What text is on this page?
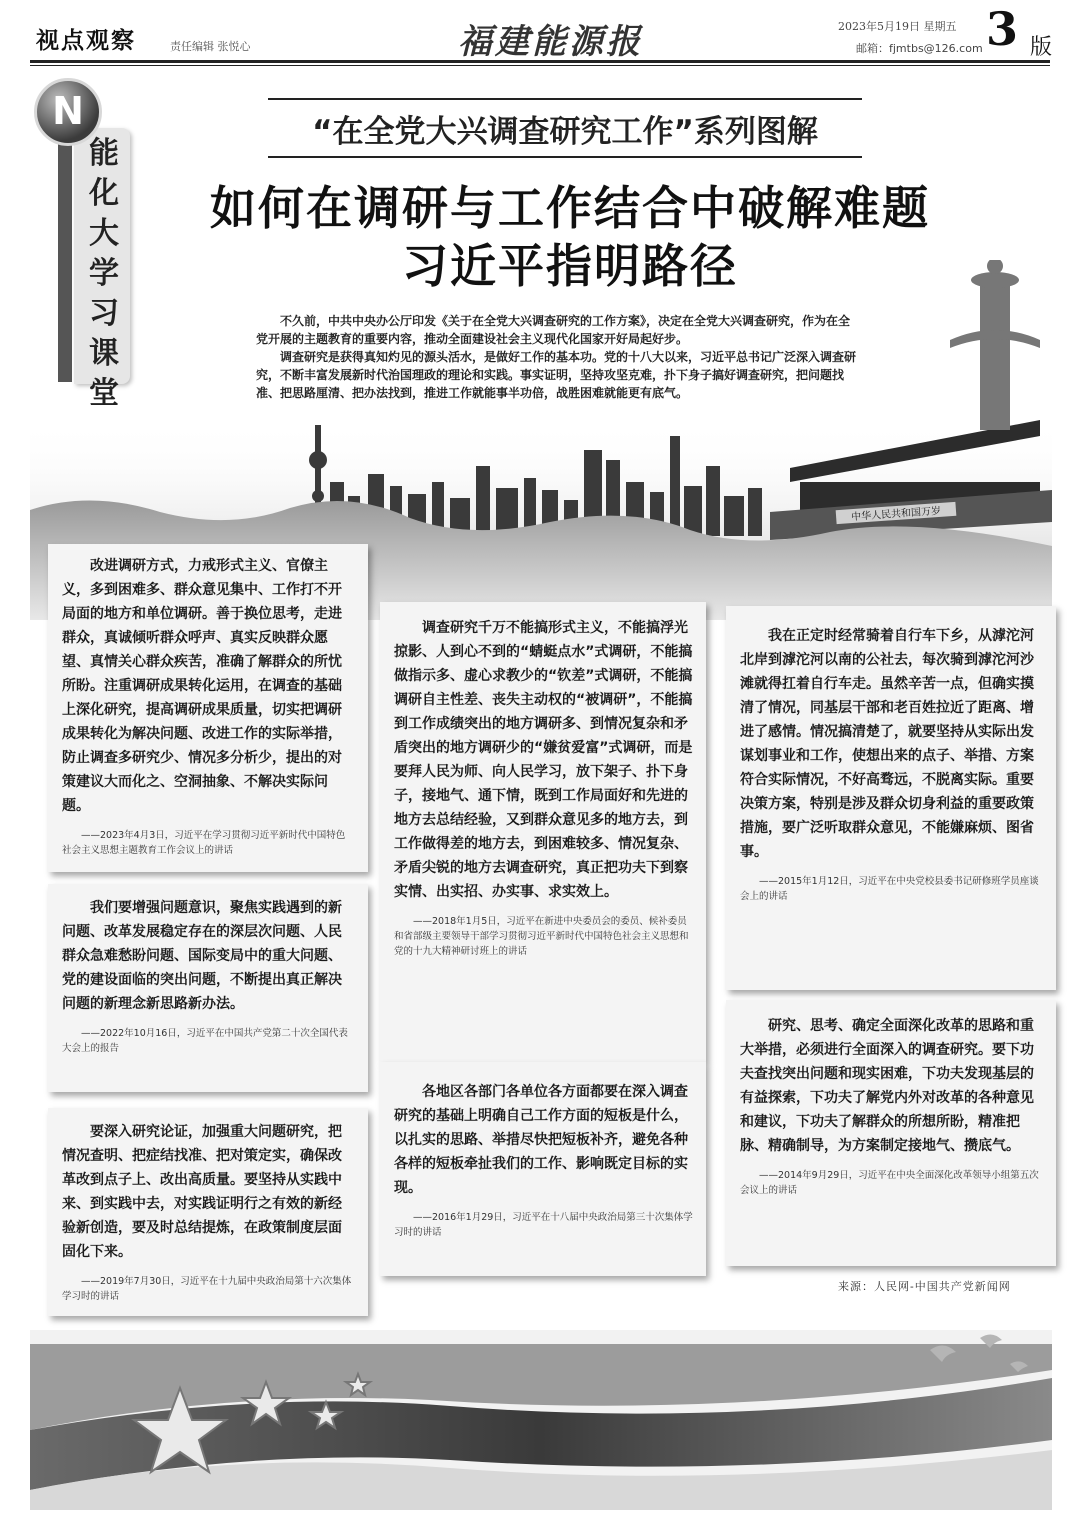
视点观察	责任编辑 张悦心	福建能源报	2023年5月19日 星期五
邮箱：fjmtbs@126.com 3 版
N
能化大学习课堂
中华人民共和国万岁
“在全党大兴调查研究工作”系列图解
如何在调研与工作结合中破解难题
习近平指明路径

不久前，中共中央办公厅印发《关于在全党大兴调查研究的工作方案》，决定在全党大兴调查研究，作为在全党开展的主题教育的重要内容，推动全面建设社会主义现代化国家开好局起好步。

调查研究是获得真知灼见的源头活水，是做好工作的基本功。党的十八大以来，习近平总书记广泛深入调查研究，不断丰富发展新时代治国理政的理论和实践。事实证明，坚持攻坚克难，扑下身子搞好调查研究，把问题找准、把思路厘清、把办法找到，推进工作就能事半功倍，战胜困难就能更有底气。

改进调研方式，力戒形式主义、官僚主义，多到困难多、群众意见集中、工作打不开局面的地方和单位调研。善于换位思考，走进群众，真诚倾听群众呼声、真实反映群众愿望、真情关心群众疾苦，准确了解群众的所忧所盼。注重调研成果转化运用，在调查的基础上深化研究，提高调研成果质量，切实把调研成果转化为解决问题、改进工作的实际举措，防止调查多研究少、情况多分析少，提出的对策建议大而化之、空洞抽象、不解决实际问题。

——2023年4月3日，习近平在学习贯彻习近平新时代中国特色社会主义思想主题教育工作会议上的讲话

我们要增强问题意识，聚焦实践遇到的新问题、改革发展稳定存在的深层次问题、人民群众急难愁盼问题、国际变局中的重大问题、党的建设面临的突出问题，不断提出真正解决问题的新理念新思路新办法。

——2022年10月16日，习近平在中国共产党第二十次全国代表大会上的报告

要深入研究论证，加强重大问题研究，把情况查明、把症结找准、把对策定实，确保改革改到点子上、改出高质量。要坚持从实践中来、到实践中去，对实践证明行之有效的新经验新创造，要及时总结提炼，在政策制度层面固化下来。

——2019年7月30日，习近平在十九届中央政治局第十六次集体学习时的讲话

调查研究千万不能搞形式主义，不能搞浮光掠影、人到心不到的“蜻蜓点水”式调研，不能搞做指示多、虚心求教少的“钦差”式调研，不能搞调研自主性差、丧失主动权的“被调研”，不能搞到工作成绩突出的地方调研多、到情况复杂和矛盾突出的地方调研少的“嫌贫爱富”式调研，而是要拜人民为师、向人民学习，放下架子、扑下身子，接地气、通下情，既到工作局面好和先进的地方去总结经验，又到群众意见多的地方去，到工作做得差的地方去，到困难较多、情况复杂、矛盾尖锐的地方去调查研究，真正把功夫下到察实情、出实招、办实事、求实效上。

——2018年1月5日，习近平在新进中央委员会的委员、候补委员和省部级主要领导干部学习贯彻习近平新时代中国特色社会主义思想和党的十九大精神研讨班上的讲话

各地区各部门各单位各方面都要在深入调查研究的基础上明确自己工作方面的短板是什么，以扎实的思路、举措尽快把短板补齐，避免各种各样的短板牵扯我们的工作、影响既定目标的实现。

——2016年1月29日，习近平在十八届中央政治局第三十次集体学习时的讲话

我在正定时经常骑着自行车下乡，从滹沱河北岸到滹沱河以南的公社去，每次骑到滹沱河沙滩就得扛着自行车走。虽然辛苦一点，但确实摸清了情况，同基层干部和老百姓拉近了距离、增进了感情。情况搞清楚了，就要坚持从实际出发谋划事业和工作，使想出来的点子、举措、方案符合实际情况，不好高骛远，不脱离实际。重要决策方案，特别是涉及群众切身利益的重要政策措施，要广泛听取群众意见，不能嫌麻烦、图省事。

——2015年1月12日，习近平在中央党校县委书记研修班学员座谈会上的讲话

研究、思考、确定全面深化改革的思路和重大举措，必须进行全面深入的调查研究。要下功夫查找突出问题和现实困难，下功夫发现基层的有益探索，下功夫了解党内外对改革的各种意见和建议，下功夫了解群众的所想所盼，精准把脉、精确制导，为方案制定接地气、攒底气。

——2014年9月29日，习近平在中央全面深化改革领导小组第五次会议上的讲话
来源：人民网-中国共产党新闻网
